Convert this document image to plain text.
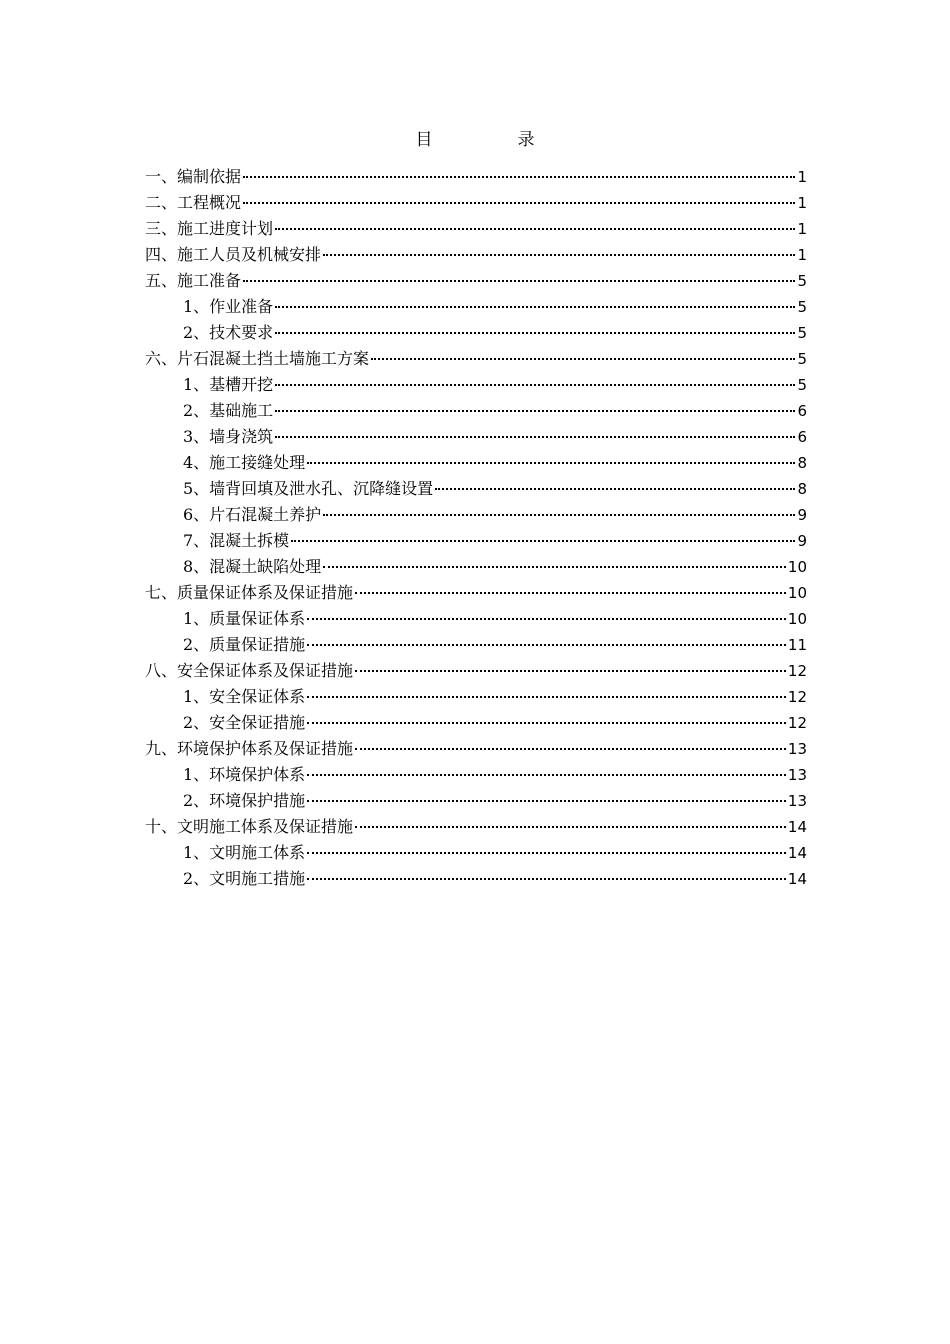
目　录
一、编制依据	1
二、工程概况	1
三、施工进度计划	1
四、施工人员及机械安排	1
五、施工准备	5
1、作业准备	5
2、技术要求	5
六、片石混凝土挡土墙施工方案	5
1、基槽开挖	5
2、基础施工	6
3、墙身浇筑	6
4、施工接缝处理	8
5、墙背回填及泄水孔、沉降缝设置	8
6、片石混凝土养护	9
7、混凝土拆模	9
8、混凝土缺陷处理	10
七、质量保证体系及保证措施	10
1、质量保证体系	10
2、质量保证措施	11
八、安全保证体系及保证措施	12
1、安全保证体系	12
2、安全保证措施	12
九、环境保护体系及保证措施	13
1、环境保护体系	13
2、环境保护措施	13
十、文明施工体系及保证措施	14
1、文明施工体系	14
2、文明施工措施	14
